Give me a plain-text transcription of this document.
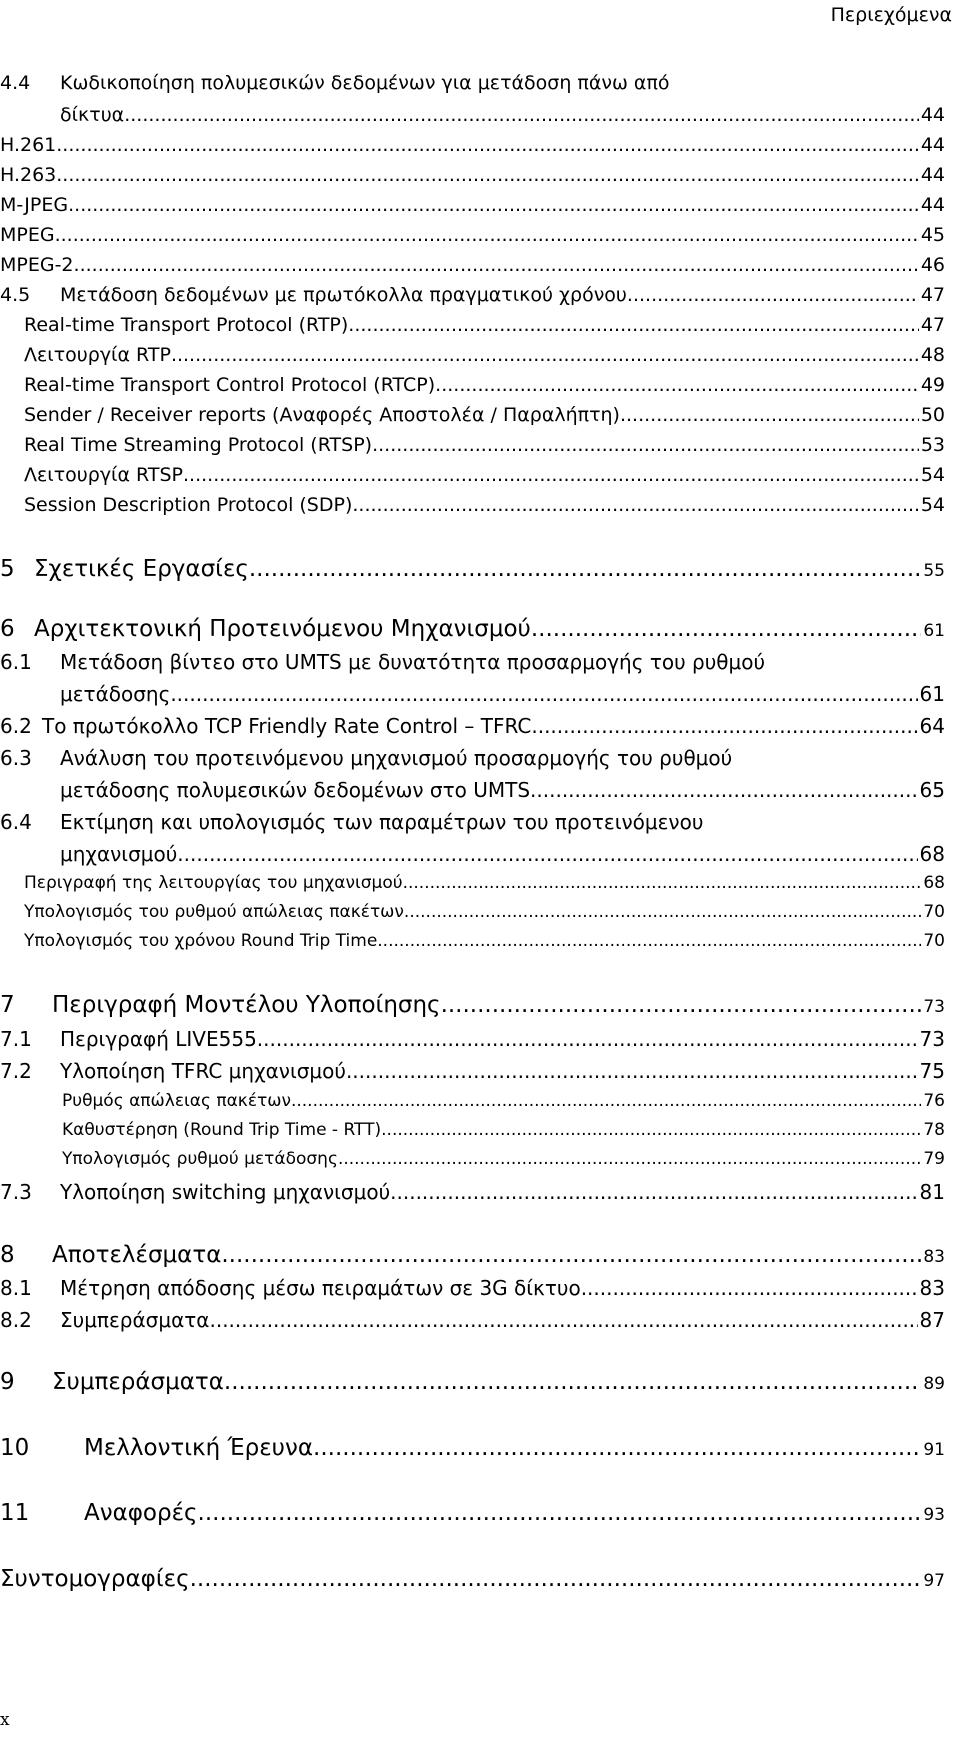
Περιεχόμενα
4.4	Κωδικοποίηση πολυμεσικών δεδομένων για μετάδοση πάνω από
δίκτυα .....	44
H.261 .....	44
H.263 .....	44
M-JPEG .....	44
MPEG .....	45
MPEG-2 .....	46
4.5	Μετάδοση δεδομένων με πρωτόκολλα πραγματικού χρόνου .....	47
Real-time Transport Protocol (RTP) .....	47
Λειτουργία RTP .....	48
Real-time Transport Control Protocol (RTCP) .....	49
Sender / Receiver reports (Αναφορές Αποστολέα / Παραλήπτη) .....	50
Real Time Streaming Protocol (RTSP) .....	53
Λειτουργία RTSP .....	54
Session Description Protocol (SDP) .....	54
5 Σχετικές Εργασίες .....	55
6 Αρχιτεκτονική Προτεινόμενου Μηχανισμού .....	61
6.1	Μετάδοση βίντεο στο UMTS με δυνατότητα προσαρμογής του ρυθμού
μετάδοσης .....	61
6.2 Το πρωτόκολλο TCP Friendly Rate Control – TFRC .....	64
6.3	Ανάλυση του προτεινόμενου μηχανισμού προσαρμογής του ρυθμού
μετάδοσης πολυμεσικών δεδομένων στο UMTS .....	65
6.4	Εκτίμηση και υπολογισμός των παραμέτρων του προτεινόμενου
μηχανισμού .....	68
Περιγραφή της λειτουργίας του μηχανισμού .....	68
Υπολογισμός του ρυθμού απώλειας πακέτων .....	70
Υπολογισμός του χρόνου Round Trip Time .....	70
7	Περιγραφή Μοντέλου Υλοποίησης .....	73
7.1	Περιγραφή LIVE555 .....	73
7.2	Υλοποίηση TFRC μηχανισμού .....	75
Ρυθμός απώλειας πακέτων .....	76
Καθυστέρηση (Round Trip Time - RTT) .....	78
Υπολογισμός ρυθμού μετάδοσης .....	79
7.3	Υλοποίηση switching μηχανισμού .....	81
8	Αποτελέσματα .....	83
8.1	Μέτρηση απόδοσης μέσω πειραμάτων σε 3G δίκτυο .....	83
8.2	Συμπεράσματα .....	87
9	Συμπεράσματα .....	89
10	Μελλοντική Έρευνα .....	91
11	Αναφορές .....	93
Συντομογραφίες .....	97
x
